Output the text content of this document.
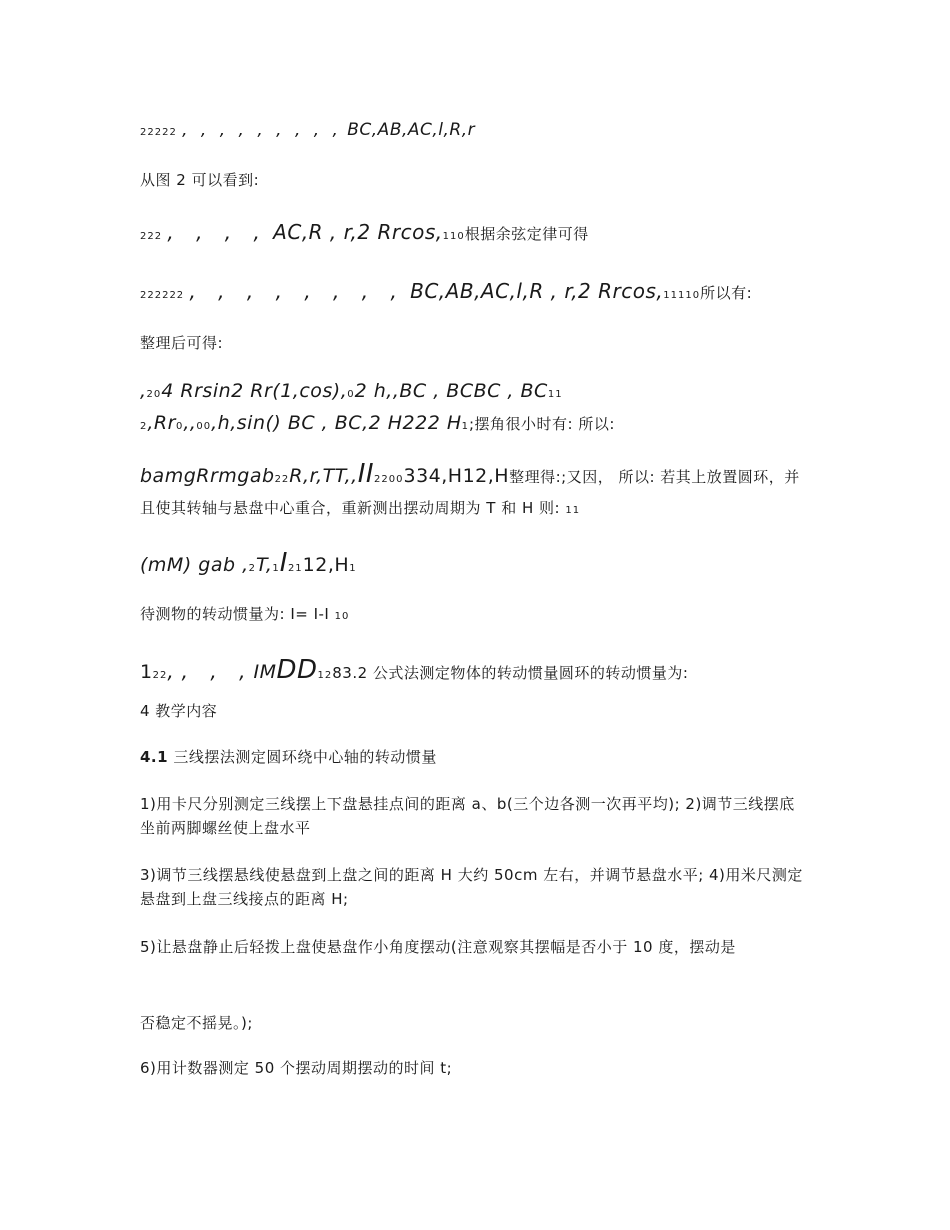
22222 , , , , , , , , , BC,AB,AC,l,R,r
从图 2 可以看到:
222 , , , , AC,R , r,2 Rrcos,110根据余弦定律可得
222222 , , , , , , , , BC,AB,AC,l,R , r,2 Rrcos,11110所以有:
整理后可得:
,204 Rrsin2 Rr(1,cos),02 h,,BC , BCBC , BC11
2,Rr0,,00,h,sin() BC , BC,2 H222 H1;摆角很小时有: 所以:
bamgRrmgab22R,r,TT,,II2200334,H12,H整理得:;又因， 所以: 若其上放置圆环，并且使其转轴与悬盘中心重合，重新测出摆动周期为 T 和 H 则: 11
(mM) gab ,2T,1I2112,H1
待测物的转动惯量为: I= I-I 10
122,, , ,IMDD1283.2 公式法测定物体的转动惯量圆环的转动惯量为:
4 教学内容
4.1 三线摆法测定圆环绕中心轴的转动惯量
1)用卡尺分别测定三线摆上下盘悬挂点间的距离 a、b(三个边各测一次再平均); 2)调节三线摆底坐前两脚螺丝使上盘水平
3)调节三线摆悬线使悬盘到上盘之间的距离 H 大约 50cm 左右，并调节悬盘水平; 4)用米尺测定悬盘到上盘三线接点的距离 H;
5)让悬盘静止后轻拨上盘使悬盘作小角度摆动(注意观察其摆幅是否小于 10 度，摆动是
否稳定不摇晃。);
6)用计数器测定 50 个摆动周期摆动的时间 t;
